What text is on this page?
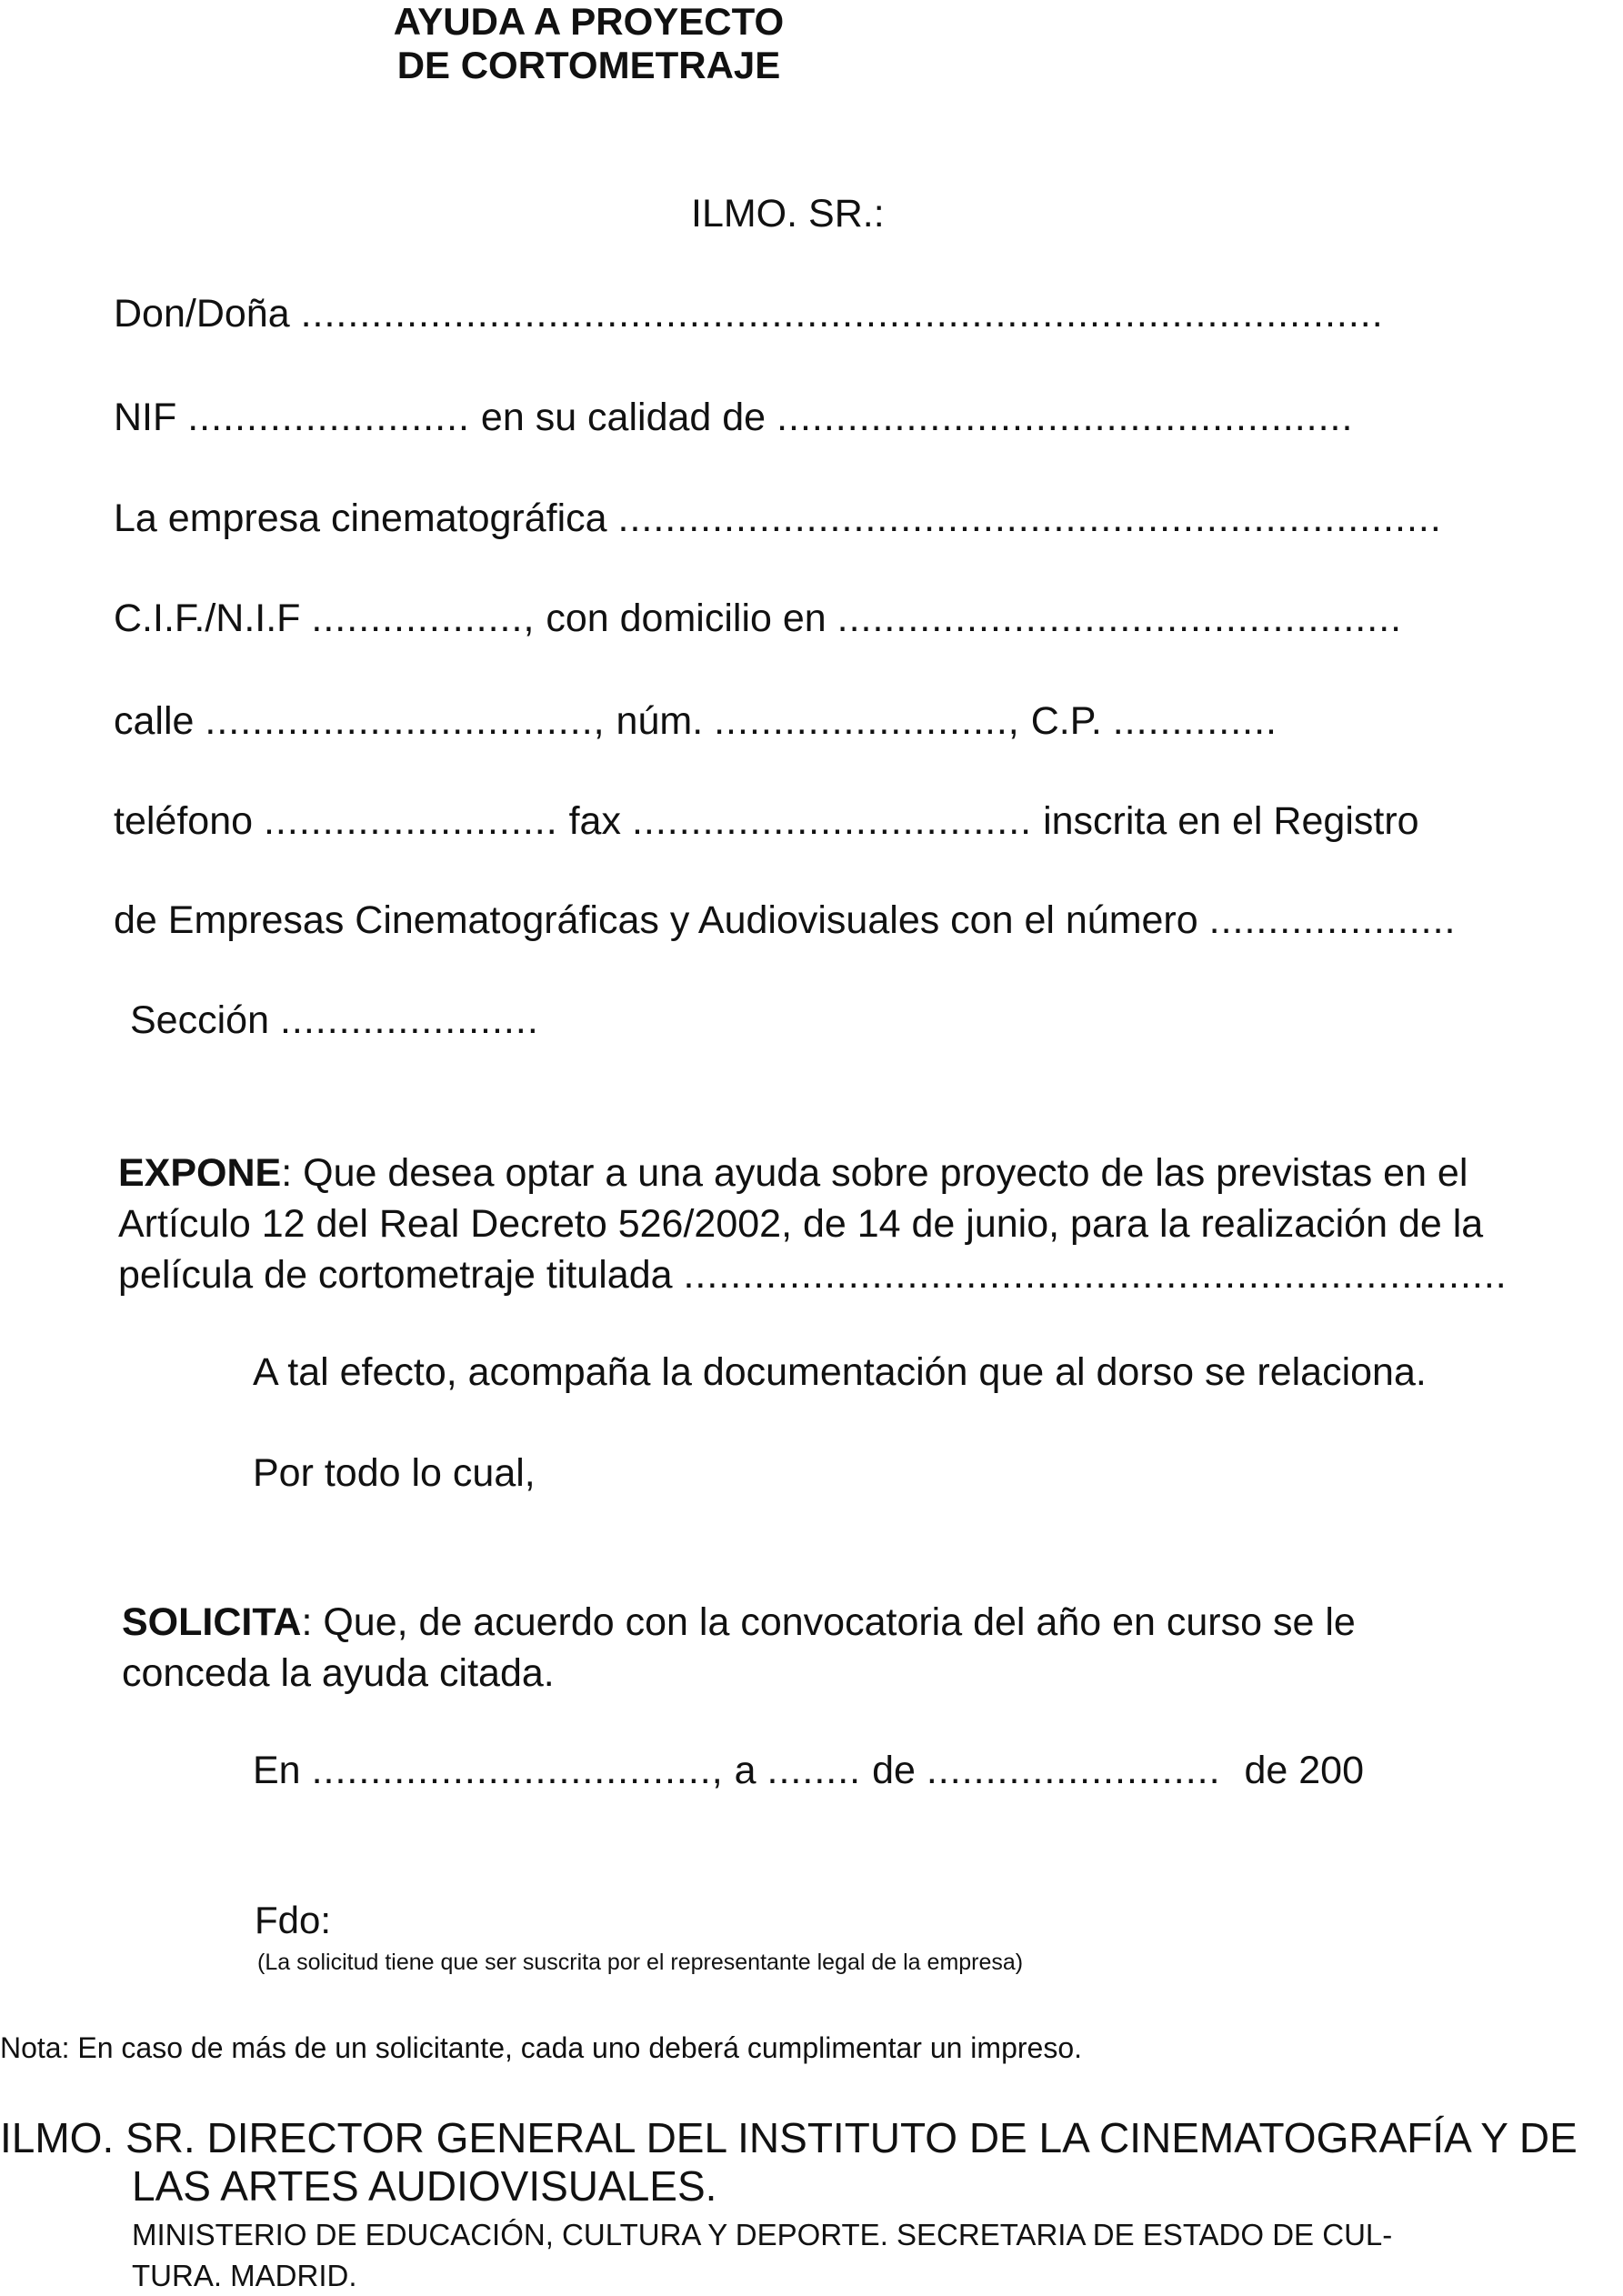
AYUDA A PROYECTO
DE CORTOMETRAJE
ILMO. SR.:
Don/Doña ............................................................................................
NIF ........................ en su calidad de .................................................
La empresa cinematográfica ......................................................................
C.I.F./N.I.F .................., con domicilio en ................................................
calle ................................., núm. ........................., C.P. ..............
teléfono ......................... fax .................................. inscrita en el Registro
de Empresas Cinematográficas y Audiovisuales con el número .....................
Sección ......................
EXPONE: Que desea optar a una ayuda sobre proyecto de las previstas en el
Artículo 12 del Real Decreto 526/2002, de 14 de junio, para la realización de la
película de cortometraje titulada ......................................................................
A tal efecto, acompaña la documentación que al dorso se relaciona.
Por todo lo cual,
SOLICITA: Que, de acuerdo con la convocatoria del año en curso se le
conceda la ayuda citada.
En .................................., a ........ de ......................... de 200
Fdo:
(La solicitud tiene que ser suscrita por el representante legal de la empresa)
Nota: En caso de más de un solicitante, cada uno deberá cumplimentar un impreso.
ILMO. SR. DIRECTOR GENERAL DEL INSTITUTO DE LA CINEMATOGRAFÍA Y DE
LAS ARTES AUDIOVISUALES.
MINISTERIO DE EDUCACIÓN, CULTURA Y DEPORTE. SECRETARIA DE ESTADO DE CUL-
TURA. MADRID.
